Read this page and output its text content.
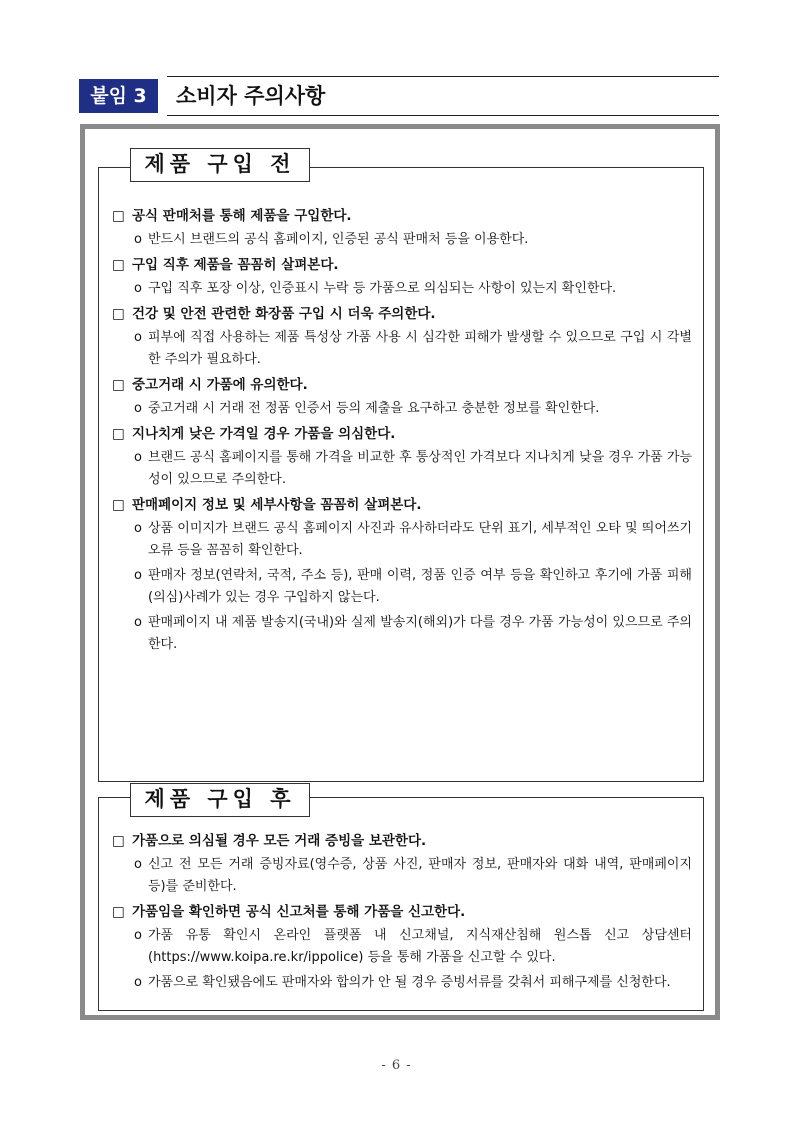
붙임 3	소비자 주의사항
제품 구입 전
□ 공식 판매처를 통해 제품을 구입한다.
o 반드시 브랜드의 공식 홈페이지, 인증된 공식 판매처 등을 이용한다.
□ 구입 직후 제품을 꼼꼼히 살펴본다.
o 구입 직후 포장 이상, 인증표시 누락 등 가품으로 의심되는 사항이 있는지 확인한다.
□ 건강 및 안전 관련한 화장품 구입 시 더욱 주의한다.
o 피부에 직접 사용하는 제품 특성상 가품 사용 시 심각한 피해가 발생할 수 있으므로 구입 시 각별한 주의가 필요하다.
□ 중고거래 시 가품에 유의한다.
o 중고거래 시 거래 전 정품 인증서 등의 제출을 요구하고 충분한 정보를 확인한다.
□ 지나치게 낮은 가격일 경우 가품을 의심한다.
o 브랜드 공식 홈페이지를 통해 가격을 비교한 후 통상적인 가격보다 지나치게 낮을 경우 가품 가능성이 있으므로 주의한다.
□ 판매페이지 정보 및 세부사항을 꼼꼼히 살펴본다.
o 상품 이미지가 브랜드 공식 홈페이지 사진과 유사하더라도 단위 표기, 세부적인 오타 및 띄어쓰기 오류 등을 꼼꼼히 확인한다.
o 판매자 정보(연락처, 국적, 주소 등), 판매 이력, 정품 인증 여부 등을 확인하고 후기에 가품 피해(의심)사례가 있는 경우 구입하지 않는다.
o 판매페이지 내 제품 발송지(국내)와 실제 발송지(해외)가 다를 경우 가품 가능성이 있으므로 주의한다.
제품 구입 후
□ 가품으로 의심될 경우 모든 거래 증빙을 보관한다.
o 신고 전 모든 거래 증빙자료(영수증, 상품 사진, 판매자 정보, 판매자와 대화 내역, 판매페이지 등)를 준비한다.
□ 가품임을 확인하면 공식 신고처를 통해 가품을 신고한다.
o 가품 유통 확인시 온라인 플랫폼 내 신고채널, 지식재산침해 원스톱 신고 상담센터(https://www.koipa.re.kr/ippolice) 등을 통해 가품을 신고할 수 있다.
o 가품으로 확인됐음에도 판매자와 합의가 안 될 경우 증빙서류를 갖춰서 피해구제를 신청한다.
- 6 -
